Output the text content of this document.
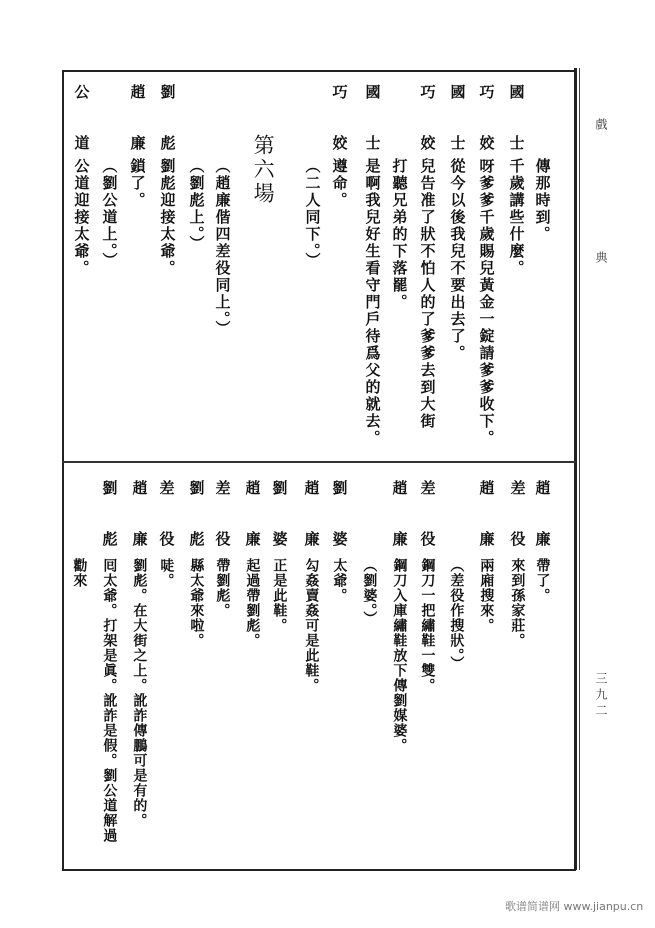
戲　典
三九二
傳那時到。
國士
千歲講些什麼。
巧姣
呀爹爹千歲賜兒黃金一錠請爹爹收下。
國士
從今以後我兒不要出去了。
巧姣
兒告准了狀不怕人的了爹爹去到大街
打聽兄弟的下落罷。
國士
是啊我兒好生看守門戶待爲父的就去。
巧姣
遵命。
（二人同下。）
第六場
（趙廉偕四差役同上。）
（劉彪上。）
劉彪
劉彪迎接太爺。
趙廉
鎖了。
（劉公道上。）
公道
公道迎接太爺。
趙廉
帶了。
差役
來到孫家莊。
趙廉
兩廂搜來。
（差役作搜狀。）
差役
鋼刀一把繡鞋一雙。
趙廉
鋼刀入庫繡鞋放下傳劉媒婆。
（劉婆。）
劉婆
太爺。
趙廉
勾姦賣姦可是此鞋。
劉婆
正是此鞋。
趙廉
起過帶劉彪。
差役
帶劉彪。
劉彪
縣太爺來啦。
差役
唗。
趙廉
劉彪。在大街之上。訛詐傳鵬可是有的。
劉彪
囘太爺。打架是眞。訛詐是假。劉公道解過
勸來
歌谱简谱网 www.jianpu.cn
